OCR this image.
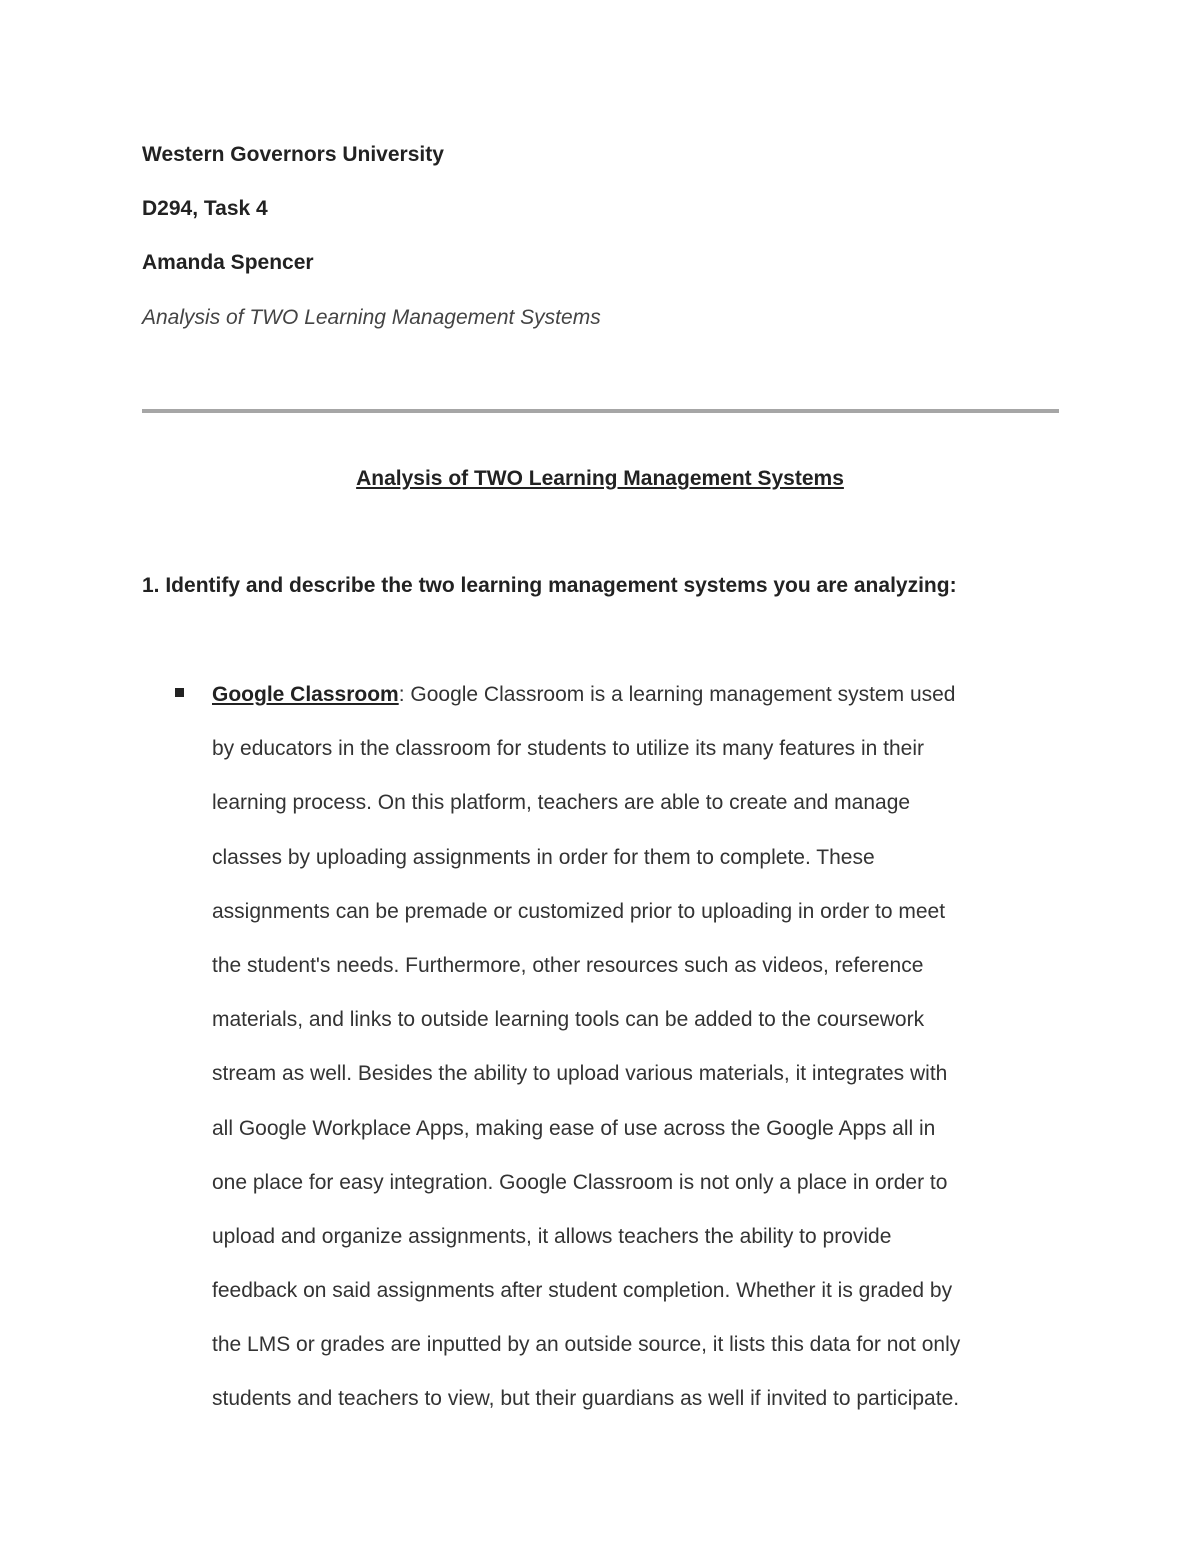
Western Governors University
D294, Task 4
Amanda Spencer
Analysis of TWO Learning Management Systems
Analysis of TWO Learning Management Systems
1. Identify and describe the two learning management systems you are analyzing:
Google Classroom: Google Classroom is a learning management system used
by educators in the classroom for students to utilize its many features in their
learning process. On this platform, teachers are able to create and manage
classes by uploading assignments in order for them to complete. These
assignments can be premade or customized prior to uploading in order to meet
the student's needs. Furthermore, other resources such as videos, reference
materials, and links to outside learning tools can be added to the coursework
stream as well. Besides the ability to upload various materials, it integrates with
all Google Workplace Apps, making ease of use across the Google Apps all in
one place for easy integration. Google Classroom is not only a place in order to
upload and organize assignments, it allows teachers the ability to provide
feedback on said assignments after student completion. Whether it is graded by
the LMS or grades are inputted by an outside source, it lists this data for not only
students and teachers to view, but their guardians as well if invited to participate.
